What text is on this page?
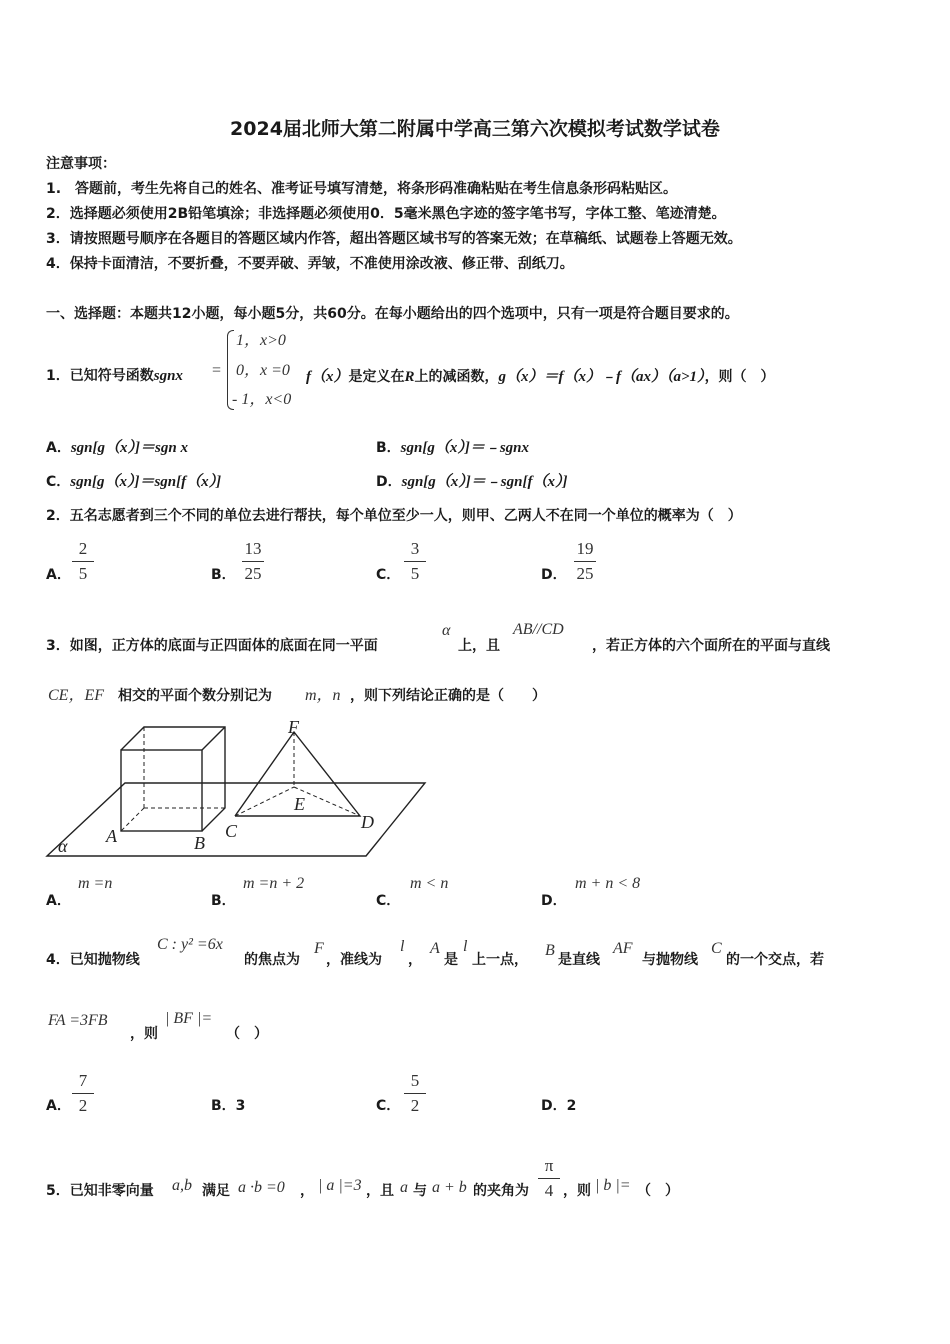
2024届北师大第二附属中学高三第六次模拟考试数学试卷
注意事项：
1.　答题前，考生先将自己的姓名、准考证号填写清楚，将条形码准确粘贴在考生信息条形码粘贴区。
2．选择题必须使用2B铅笔填涂；非选择题必须使用0．5毫米黑色字迹的签字笔书写，字体工整、笔迹清楚。
3．请按照题号顺序在各题目的答题区域内作答，超出答题区域书写的答案无效；在草稿纸、试题卷上答题无效。
4．保持卡面清洁，不要折叠，不要弄破、弄皱，不准使用涂改液、修正带、刮纸刀。
一、选择题：本题共12小题，每小题5分，共60分。在每小题给出的四个选项中，只有一项是符合题目要求的。
1．已知符号函数sgnx =
1，x>0
0，x =0
- 1，x<0
f（x）是定义在R上的减函数，g（x）＝f（x）﹣f（ax）（a>1），则（　）
A．sgn[g（x）]＝sgn x	B．sgn[g（x）]＝﹣sgnx
C．sgn[g（x）]＝sgn[f（x）]	D．sgn[g（x）]＝﹣sgn[f（x）]
2．五名志愿者到三个不同的单位去进行帮扶，每个单位至少一人，则甲、乙两人不在同一个单位的概率为（　）
A．
2
5	B．
13
25	C．
3
5	D．
19
25
3．如图，正方体的底面与正四面体的底面在同一平面
α
上，且
AB//CD
，若正方体的六个面所在的平面与直线
CE，EF 相交的平面个数分别记为 m，n ，则下列结论正确的是（　　）
F
E
A	B
C	D
α
A．
m =n
B．
m =n + 2
C．
m < n
D．
m + n < 8
4．已知抛物线
C : y² =6x
的焦点为
F
，准线为
l
，
A
是
l
上一点，
B
是直线
AF
与抛物线
C
的一个交点，若
FA =3FB
，则
| BF |=
（　）
A．
7
2	B．3	C．
5
2	D．2
5．已知非零向量 a,b 满足 a ·b =0 ， | a |=3 ，且 a 与 a + b 的夹角为
π
4 ，则 | b |= （　）
